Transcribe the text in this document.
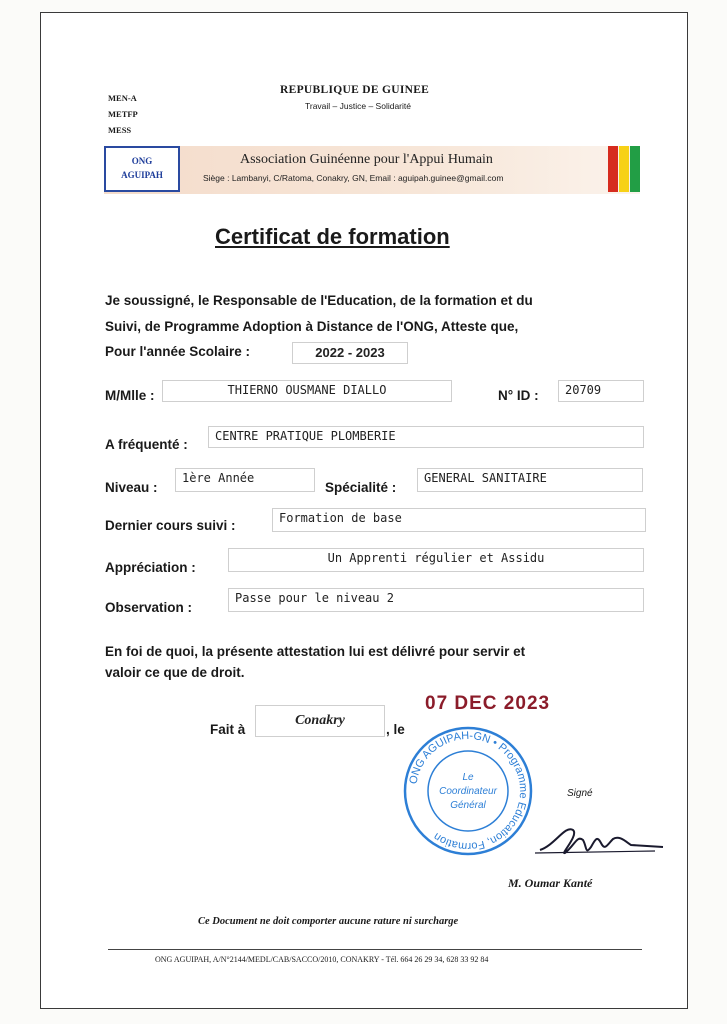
MEN-A
METFP
MESS
REPUBLIQUE DE GUINEE
Travail – Justice – Solidarité
ONG
AGUIPAH
Association Guinéenne pour l'Appui Humain
Siège : Lambanyi, C/Ratoma, Conakry, GN, Email : aguipah.guinee@gmail.com
Certificat de formation
Je soussigné, le Responsable de l'Education, de la formation et du
Suivi, de Programme Adoption à Distance de l'ONG, Atteste que,
Pour l'année Scolaire :	2022 - 2023
M/Mlle :	THIERNO OUSMANE DIALLO	N° ID :	20709
A fréquenté :
CENTRE PRATIQUE PLOMBERIE
Niveau :
1ère Année
Spécialité :
GENERAL SANITAIRE
Dernier cours suivi :	Formation de base
Appréciation :
Un Apprenti régulier et Assidu
Observation :
Passe pour le niveau 2
En foi de quoi, la présente attestation lui est délivré pour servir et
valoir ce que de droit.
Fait à
Conakry
, le
07 DEC 2023
ONG AGUIPAH-GN • Programme Education, Formation
Le
Coordinateur
Général
Signé
M. Oumar Kanté
Ce Document ne doit comporter aucune rature ni surcharge
ONG AGUIPAH, A/N°2144/MEDL/CAB/SACCO/2010, CONAKRY - Tél. 664 26 29 34, 628 33 92 84
